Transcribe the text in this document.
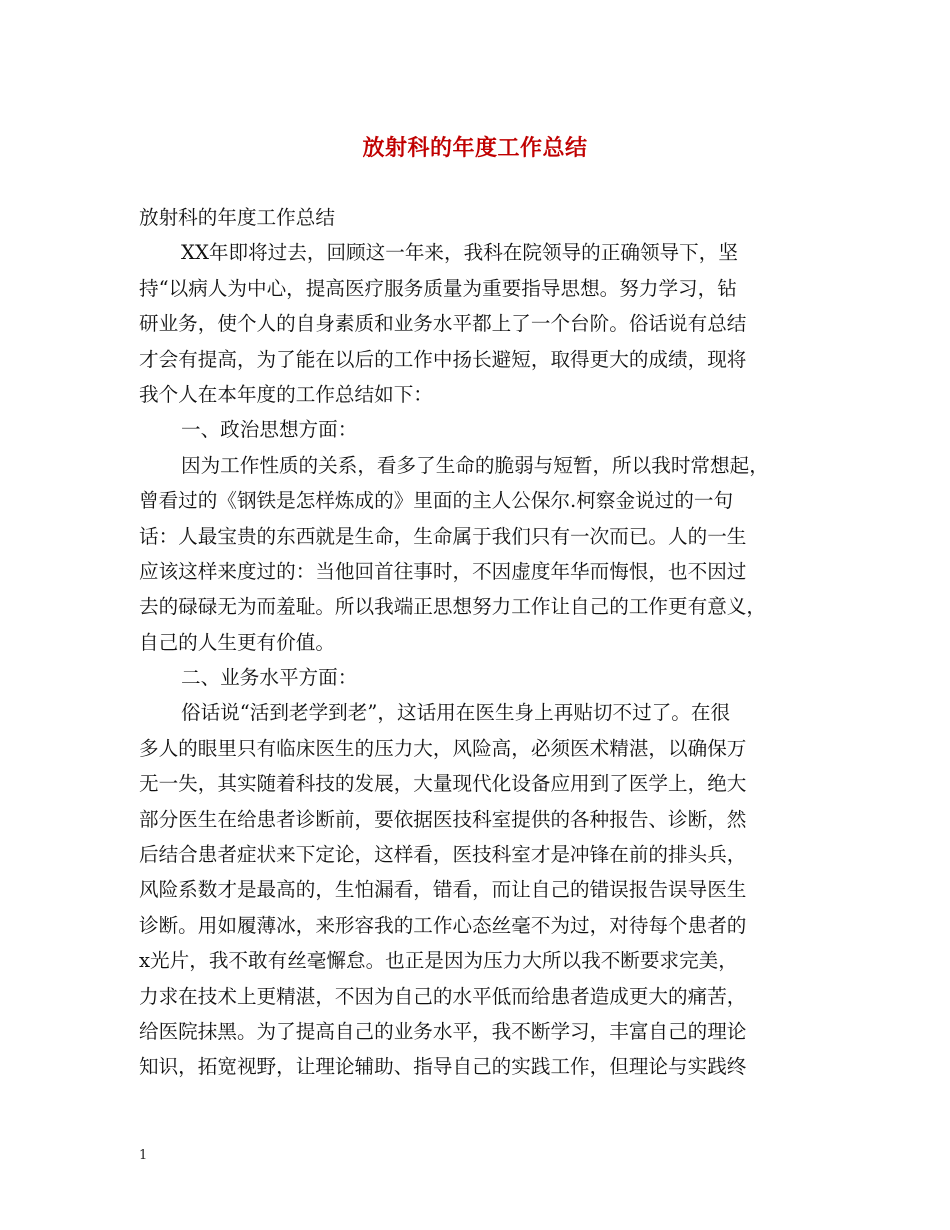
放射科的年度工作总结
放射科的年度工作总结
XX年即将过去，回顾这一年来，我科在院领导的正确领导下，坚
持“以病人为中心，提高医疗服务质量为重要指导思想。努力学习，钻
研业务，使个人的自身素质和业务水平都上了一个台阶。俗话说有总结
才会有提高，为了能在以后的工作中扬长避短，取得更大的成绩，现将
我个人在本年度的工作总结如下：
一、政治思想方面：
因为工作性质的关系，看多了生命的脆弱与短暂，所以我时常想起，
曾看过的《钢铁是怎样炼成的》里面的主人公保尔.柯察金说过的一句
话：人最宝贵的东西就是生命，生命属于我们只有一次而已。人的一生
应该这样来度过的：当他回首往事时，不因虚度年华而悔恨，也不因过
去的碌碌无为而羞耻。所以我端正思想努力工作让自己的工作更有意义，
自己的人生更有价值。
二、业务水平方面：
俗话说“活到老学到老”，这话用在医生身上再贴切不过了。在很
多人的眼里只有临床医生的压力大，风险高，必须医术精湛，以确保万
无一失，其实随着科技的发展，大量现代化设备应用到了医学上，绝大
部分医生在给患者诊断前，要依据医技科室提供的各种报告、诊断，然
后结合患者症状来下定论，这样看，医技科室才是冲锋在前的排头兵，
风险系数才是最高的，生怕漏看，错看，而让自己的错误报告误导医生
诊断。用如履薄冰，来形容我的工作心态丝毫不为过，对待每个患者的
x光片，我不敢有丝毫懈怠。也正是因为压力大所以我不断要求完美，
力求在技术上更精湛，不因为自己的水平低而给患者造成更大的痛苦，
给医院抹黑。为了提高自己的业务水平，我不断学习，丰富自己的理论
知识，拓宽视野，让理论辅助、指导自己的实践工作，但理论与实践终
1
